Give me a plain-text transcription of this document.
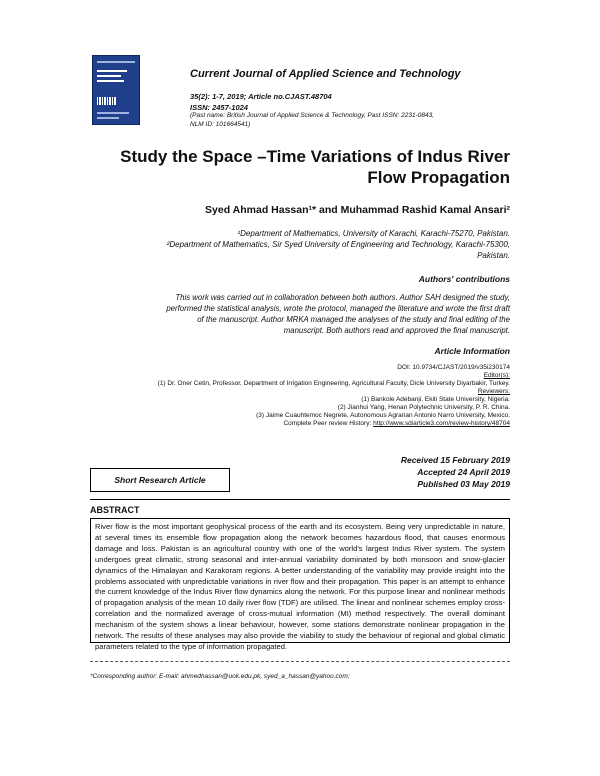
Current Journal of Applied Science and Technology
35(2): 1-7, 2019; Article no.CJAST.48704
ISSN: 2457-1024
(Past name: British Journal of Applied Science & Technology, Past ISSN: 2231-0843,
NLM ID: 101664541)
Study the Space –Time Variations of Indus River
Flow Propagation
Syed Ahmad Hassan¹* and Muhammad Rashid Kamal Ansari²
¹Department of Mathematics, University of Karachi, Karachi-75270, Pakistan.
²Department of Mathematics, Sir Syed University of Engineering and Technology, Karachi-75300,
Pakistan.
Authors' contributions
This work was carried out in collaboration between both authors. Author SAH designed the study,
performed the statistical analysis, wrote the protocol, managed the literature and wrote the first draft
of the manuscript. Author MRKA managed the analyses of the study and final editing of the
manuscript. Both authors read and approved the final manuscript.
Article Information
DOI: 10.9734/CJAST/2019/v35i230174
Editor(s):
(1) Dr. Oner Cetin, Professor, Department of Irrigation Engineering, Agricultural Faculty, Dicle University Diyarbakir, Turkey.
Reviewers:
(1) Bankole Adebanji, Ekiti State University, Nigeria.
(2) Jianhui Yang, Henan Polytechnic University, P. R. China.
(3) Jaime Cuauhtemoc Negrete, Autonomous Agrarian Antonio Narro University, Mexico.
Complete Peer review History: http://www.sdiarticle3.com/review-history/48704
Received 15 February 2019
Accepted 24 April 2019
Published 03 May 2019
Short Research Article
ABSTRACT
River flow is the most important geophysical process of the earth and its ecosystem. Being very unpredictable in nature, at several times its ensemble flow propagation along the network becomes hazardous flood, that causes enormous damage and loss. Pakistan is an agricultural country with one of the world's largest Indus River system. The system undergoes great climatic, strong seasonal and inter-annual variability dominated by both monsoon and snow-glacier dynamics of the Himalayan and Karakoram regions. A better understanding of the variability may provide insight into the problems associated with unpredictable variations in river flow and their propagation. This paper is an attempt to enhance the current knowledge of the Indus River flow dynamics along the network. For this purpose linear and nonlinear methods of propagation analysis of the mean 10 daily river flow (TDF) are utilised. The linear and nonlinear schemes employ cross-correlation and the normalized average of cross-mutual information (MI) method respectively. The overall dominant mechanism of the system shows a linear behaviour, however, some stations demonstrate nonlinear propagation in the network. The results of these analyses may also provide the viability to study the behaviour of regional and global climatic parameters related to the type of information propagated.
*Corresponding author: E-mail: ahmedhassan@uok.edu.pk, syed_a_hassan@yahoo.com;
